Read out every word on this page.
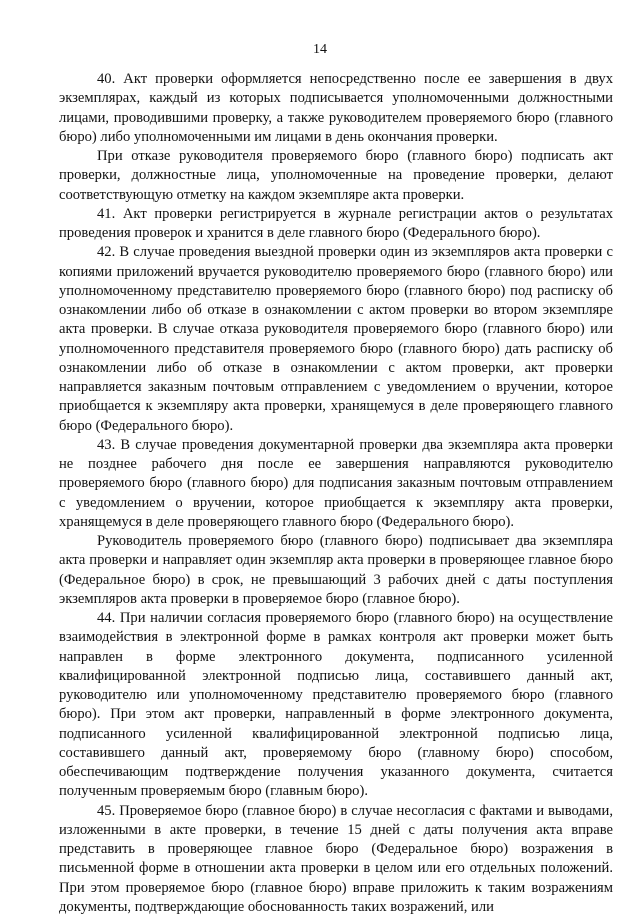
14

40. Акт проверки оформляется непосредственно после ее завершения в двух экземплярах, каждый из которых подписывается уполномоченными должностными лицами, проводившими проверку, а также руководителем проверяемого бюро (главного бюро) либо уполномоченными им лицами в день окончания проверки.

При отказе руководителя проверяемого бюро (главного бюро) подписать акт проверки, должностные лица, уполномоченные на проведение проверки, делают соответствующую отметку на каждом экземпляре акта проверки.

41. Акт проверки регистрируется в журнале регистрации актов о результатах проведения проверок и хранится в деле главного бюро (Федерального бюро).

42. В случае проведения выездной проверки один из экземпляров акта проверки с копиями приложений вручается руководителю проверяемого бюро (главного бюро) или уполномоченному представителю проверяемого бюро (главного бюро) под расписку об ознакомлении либо об отказе в ознакомлении с актом проверки во втором экземпляре акта проверки. В случае отказа руководителя проверяемого бюро (главного бюро) или уполномоченного представителя проверяемого бюро (главного бюро) дать расписку об ознакомлении либо об отказе в ознакомлении с актом проверки, акт проверки направляется заказным почтовым отправлением с уведомлением о вручении, которое приобщается к экземпляру акта проверки, хранящемуся в деле проверяющего главного бюро (Федерального бюро).

43. В случае проведения документарной проверки два экземпляра акта проверки не позднее рабочего дня после ее завершения направляются руководителю проверяемого бюро (главного бюро) для подписания заказным почтовым отправлением с уведомлением о вручении, которое приобщается к экземпляру акта проверки, хранящемуся в деле проверяющего главного бюро (Федерального бюро).

Руководитель проверяемого бюро (главного бюро) подписывает два экземпляра акта проверки и направляет один экземпляр акта проверки в проверяющее главное бюро (Федеральное бюро) в срок, не превышающий 3 рабочих дней с даты поступления экземпляров акта проверки в проверяемое бюро (главное бюро).

44. При наличии согласия проверяемого бюро (главного бюро) на осуществление взаимодействия в электронной форме в рамках контроля акт проверки может быть направлен в форме электронного документа, подписанного усиленной квалифицированной электронной подписью лица, составившего данный акт, руководителю или уполномоченному представителю проверяемого бюро (главного бюро). При этом акт проверки, направленный в форме электронного документа, подписанного усиленной квалифицированной электронной подписью лица, составившего данный акт, проверяемому бюро (главному бюро) способом, обеспечивающим подтверждение получения указанного документа, считается полученным проверяемым бюро (главным бюро).

45. Проверяемое бюро (главное бюро) в случае несогласия с фактами и выводами, изложенными в акте проверки, в течение 15 дней с даты получения акта вправе представить в проверяющее главное бюро (Федеральное бюро) возражения в письменной форме в отношении акта проверки в целом или его отдельных положений. При этом проверяемое бюро (главное бюро) вправе приложить к таким возражениям документы, подтверждающие обоснованность таких возражений, или
